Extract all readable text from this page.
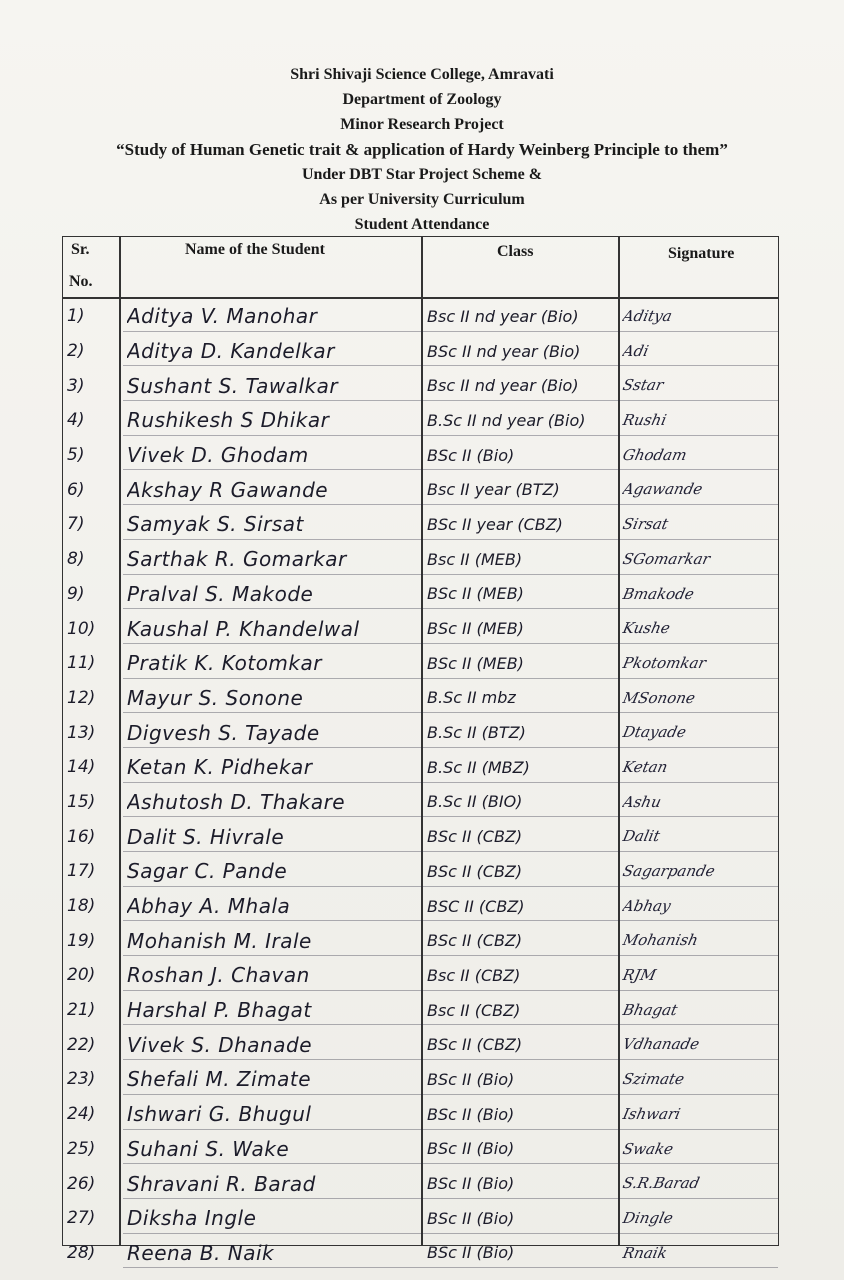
Shri Shivaji Science College, Amravati
Department of Zoology
Minor Research Project
“Study of Human Genetic trait & application of Hardy Weinberg Principle to them”
Under DBT Star Project Scheme &
As per University Curriculum
Student Attendance
Sr.
No.
Name of the Student	Class	Signature
1)	Aditya V. Manohar	Bsc II nd year (Bio)	Aditya
2)	Aditya D. Kandelkar	BSc II nd year (Bio)	Adi
3)	Sushant S. Tawalkar	Bsc II nd year (Bio)	Sstar
4)	Rushikesh S Dhikar	B.Sc II nd year (Bio)	Rushi
5)	Vivek D. Ghodam	BSc II (Bio)	Ghodam
6)	Akshay R Gawande	Bsc II year (BTZ)	Agawande
7)	Samyak S. Sirsat	BSc II year (CBZ)	Sirsat
8)	Sarthak R. Gomarkar	Bsc II (MEB)	SGomarkar
9)	Pralval S. Makode	BSc II (MEB)	Bmakode
10)	Kaushal P. Khandelwal	BSc II (MEB)	Kushe
11)	Pratik K. Kotomkar	BSc II (MEB)	Pkotomkar
12)	Mayur S. Sonone	B.Sc II mbz	MSonone
13)	Digvesh S. Tayade	B.Sc II (BTZ)	Dtayade
14)	Ketan K. Pidhekar	B.Sc II (MBZ)	Ketan
15)	Ashutosh D. Thakare	B.Sc II (BIO)	Ashu
16)	Dalit S. Hivrale	BSc II (CBZ)	Dalit
17)	Sagar C. Pande	BSc II (CBZ)	Sagarpande
18)	Abhay A. Mhala	BSC II (CBZ)	Abhay
19)	Mohanish M. Irale	BSc II (CBZ)	Mohanish
20)	Roshan J. Chavan	Bsc II (CBZ)	RJM
21)	Harshal P. Bhagat	Bsc II (CBZ)	Bhagat
22)	Vivek S. Dhanade	BSc II (CBZ)	Vdhanade
23)	Shefali M. Zimate	BSc II (Bio)	Szimate
24)	Ishwari G. Bhugul	BSc II (Bio)	Ishwari
25)	Suhani S. Wake	BSc II (Bio)	Swake
26)	Shravani R. Barad	BSc II (Bio)	S.R.Barad
27)	Diksha Ingle	BSc II (Bio)	Dingle
28)	Reena B. Naik	BSc II (Bio)	Rnaik
